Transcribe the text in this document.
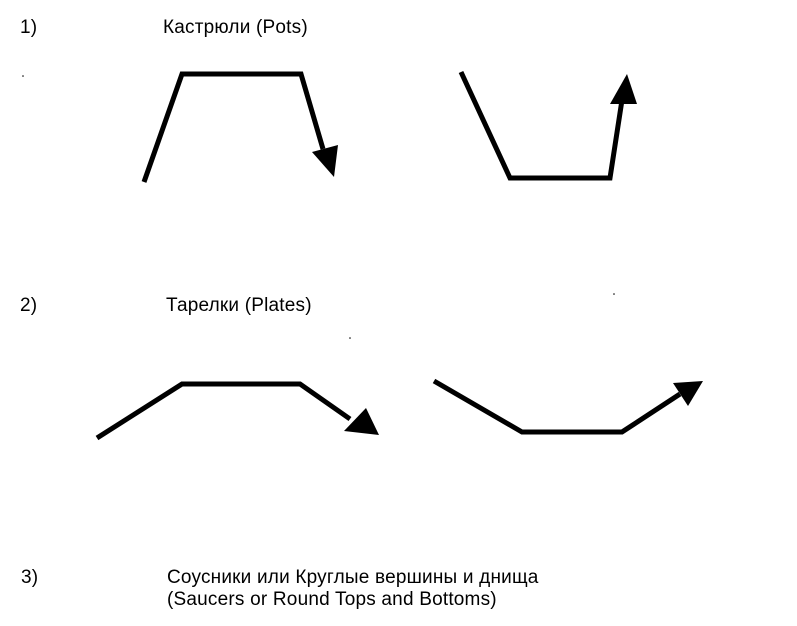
1)	Кастрюли (Pots)
2)	Тарелки (Plates)
3)	Соусники или Круглые вершины и днища
(Saucers or Round Tops and Bottoms)
